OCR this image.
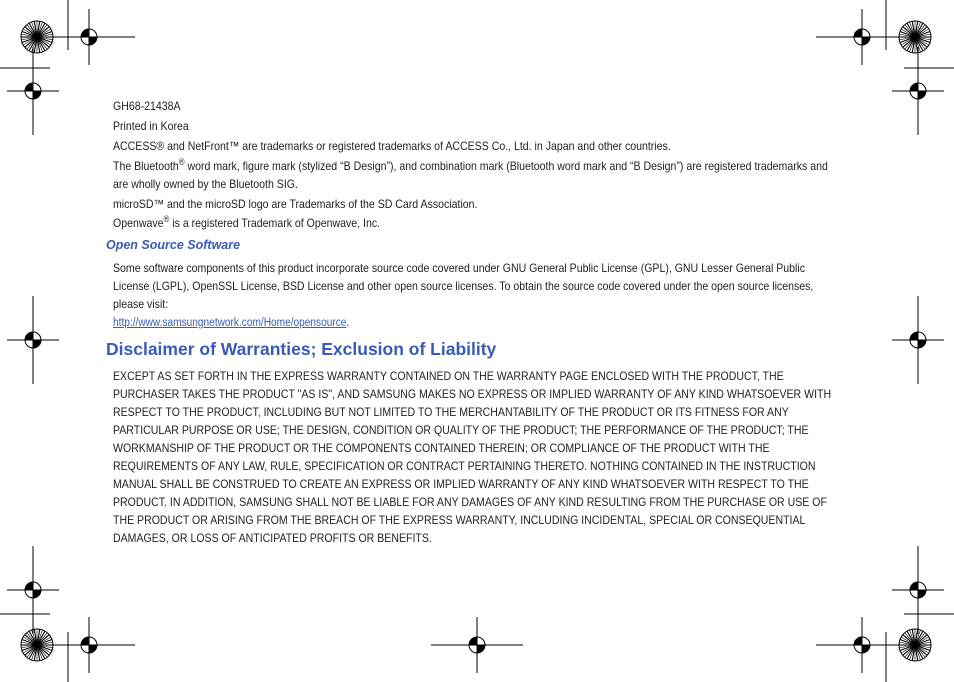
GH68-21438A

Printed in Korea

ACCESS® and NetFront™ are trademarks or registered trademarks of ACCESS Co., Ltd. in Japan and other countries.

The Bluetooth® word mark, figure mark (stylized “B Design”), and combination mark (Bluetooth word mark and “B Design”) are registered trademarks and are wholly owned by the Bluetooth SIG.

microSD™ and the microSD logo are Trademarks of the SD Card Association.

Openwave® is a registered Trademark of Openwave, Inc.

Open Source Software

Some software components of this product incorporate source code covered under GNU General Public License (GPL), GNU Lesser General Public License (LGPL), OpenSSL License, BSD License and other open source licenses. To obtain the source code covered under the open source licenses, please visit:

http://www.samsungnetwork.com/Home/opensource.

Disclaimer of Warranties; Exclusion of Liability

EXCEPT AS SET FORTH IN THE EXPRESS WARRANTY CONTAINED ON THE WARRANTY PAGE ENCLOSED WITH THE PRODUCT, THE PURCHASER TAKES THE PRODUCT "AS IS", AND SAMSUNG MAKES NO EXPRESS OR IMPLIED WARRANTY OF ANY KIND WHATSOEVER WITH RESPECT TO THE PRODUCT, INCLUDING BUT NOT LIMITED TO THE MERCHANTABILITY OF THE PRODUCT OR ITS FITNESS FOR ANY PARTICULAR PURPOSE OR USE; THE DESIGN, CONDITION OR QUALITY OF THE PRODUCT; THE PERFORMANCE OF THE PRODUCT; THE WORKMANSHIP OF THE PRODUCT OR THE COMPONENTS CONTAINED THEREIN; OR COMPLIANCE OF THE PRODUCT WITH THE REQUIREMENTS OF ANY LAW, RULE, SPECIFICATION OR CONTRACT PERTAINING THERETO. NOTHING CONTAINED IN THE INSTRUCTION MANUAL SHALL BE CONSTRUED TO CREATE AN EXPRESS OR IMPLIED WARRANTY OF ANY KIND WHATSOEVER WITH RESPECT TO THE PRODUCT. IN ADDITION, SAMSUNG SHALL NOT BE LIABLE FOR ANY DAMAGES OF ANY KIND RESULTING FROM THE PURCHASE OR USE OF THE PRODUCT OR ARISING FROM THE BREACH OF THE EXPRESS WARRANTY, INCLUDING INCIDENTAL, SPECIAL OR CONSEQUENTIAL DAMAGES, OR LOSS OF ANTICIPATED PROFITS OR BENEFITS.
